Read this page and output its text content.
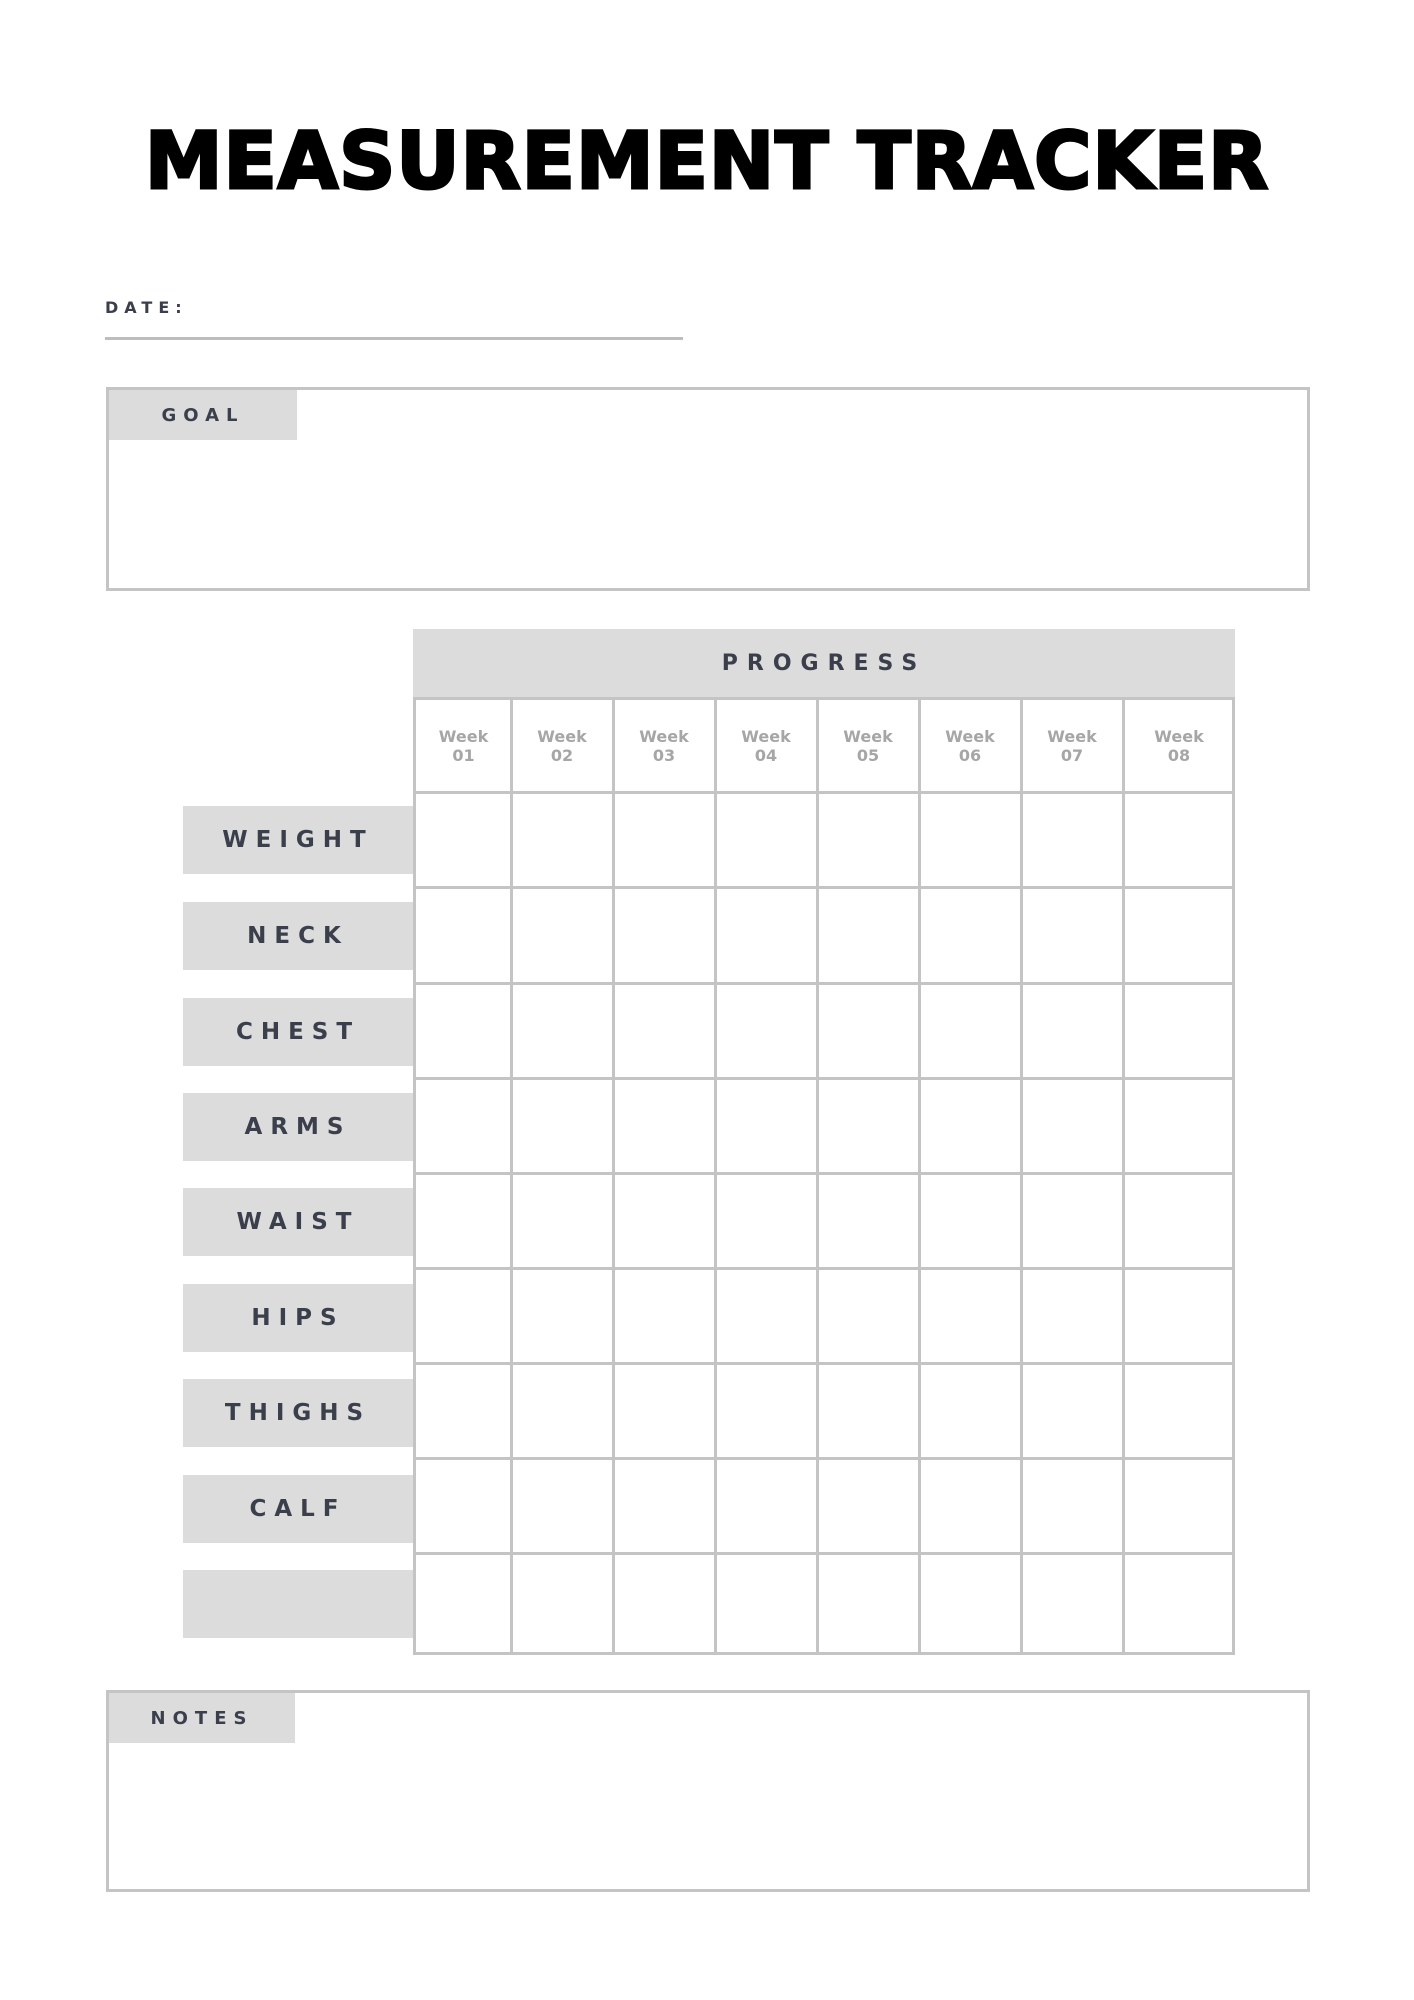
MEASUREMENT TRACKER
DATE:
GOAL
PROGRESS
Week
01
Week
02
Week
03
Week
04
Week
05
Week
06
Week
07
Week
08
WEIGHT
NECK
CHEST
ARMS
WAIST
HIPS
THIGHS
CALF
NOTES
